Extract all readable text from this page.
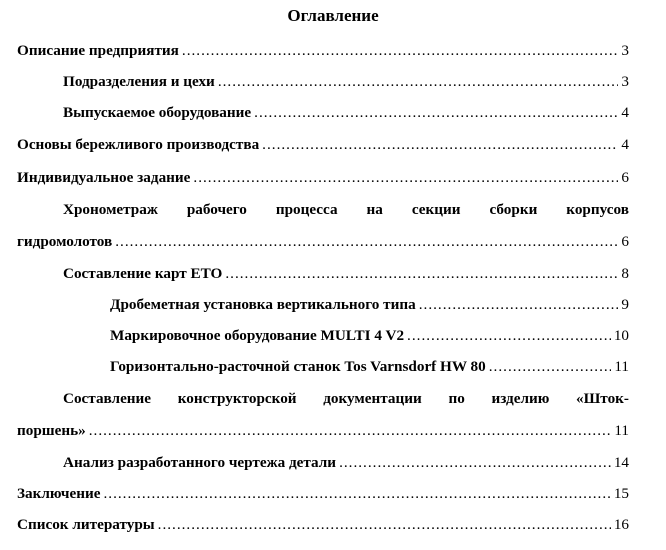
Оглавление
Описание предприятия .....	3
Подразделения и цехи .....	3
Выпускаемое оборудование .....	4
Основы бережливого производства .....	4
Индивидуальное задание .....	6
Хронометраж рабочего процесса на секции сборки корпусов
гидромолотов .....	6
Составление карт ЕТО .....	8
Дробеметная установка вертикального типа .....	9
Маркировочное оборудование MULTI 4 V2 .....	10
Горизонтально-расточной станок Tos Varnsdorf HW 80 .....	11
Составление конструкторской документации по изделию «Шток-
поршень» .....	11
Анализ разработанного чертежа детали .....	14
Заключение .....	15
Список литературы .....	16
